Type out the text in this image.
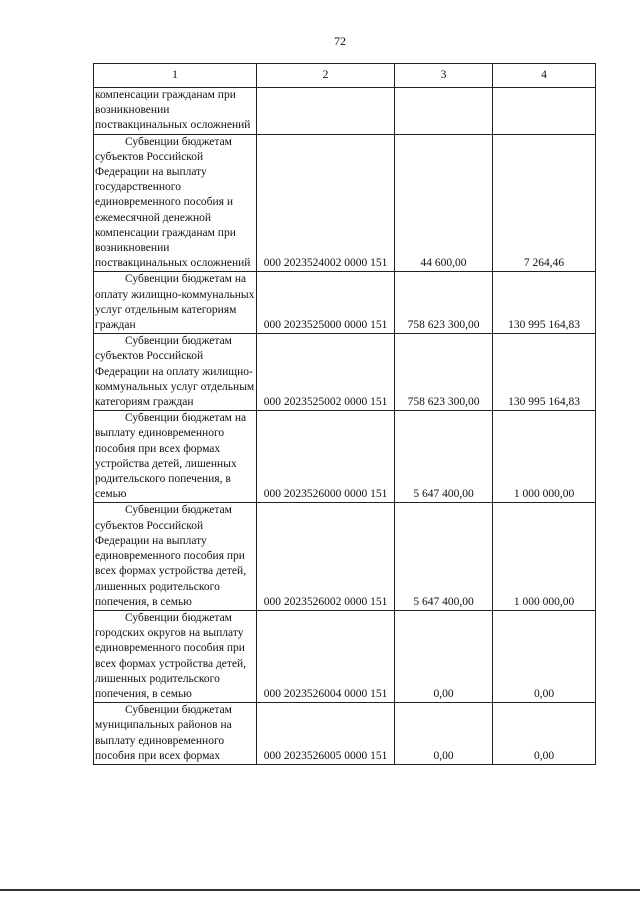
72
1	2	3	4

компенсации гражданам при возникновении поствакцинальных осложнений			

Субвенции бюджетам субъектов Российской Федерации на выплату государственного единовременного пособия и ежемесячной денежной компенсации гражданам при возникновении поствакцинальных осложнений	000 2023524002 0000 151	44 600,00	7 264,46

Субвенции бюджетам на оплату жилищно-коммунальных услуг отдельным категориям граждан	000 2023525000 0000 151	758 623 300,00	130 995 164,83

Субвенции бюджетам субъектов Российской Федерации на оплату жилищно-коммунальных услуг отдельным категориям граждан	000 2023525002 0000 151	758 623 300,00	130 995 164,83

Субвенции бюджетам на выплату единовременного пособия при всех формах устройства детей, лишенных родительского попечения, в семью	000 2023526000 0000 151	5 647 400,00	1 000 000,00

Субвенции бюджетам субъектов Российской Федерации на выплату единовременного пособия при всех формах устройства детей, лишенных родительского попечения, в семью	000 2023526002 0000 151	5 647 400,00	1 000 000,00

Субвенции бюджетам городских округов на выплату единовременного пособия при всех формах устройства детей, лишенных родительского попечения, в семью	000 2023526004 0000 151	0,00	0,00

Субвенции бюджетам муниципальных районов на выплату единовременного пособия при всех формах	000 2023526005 0000 151	0,00	0,00
